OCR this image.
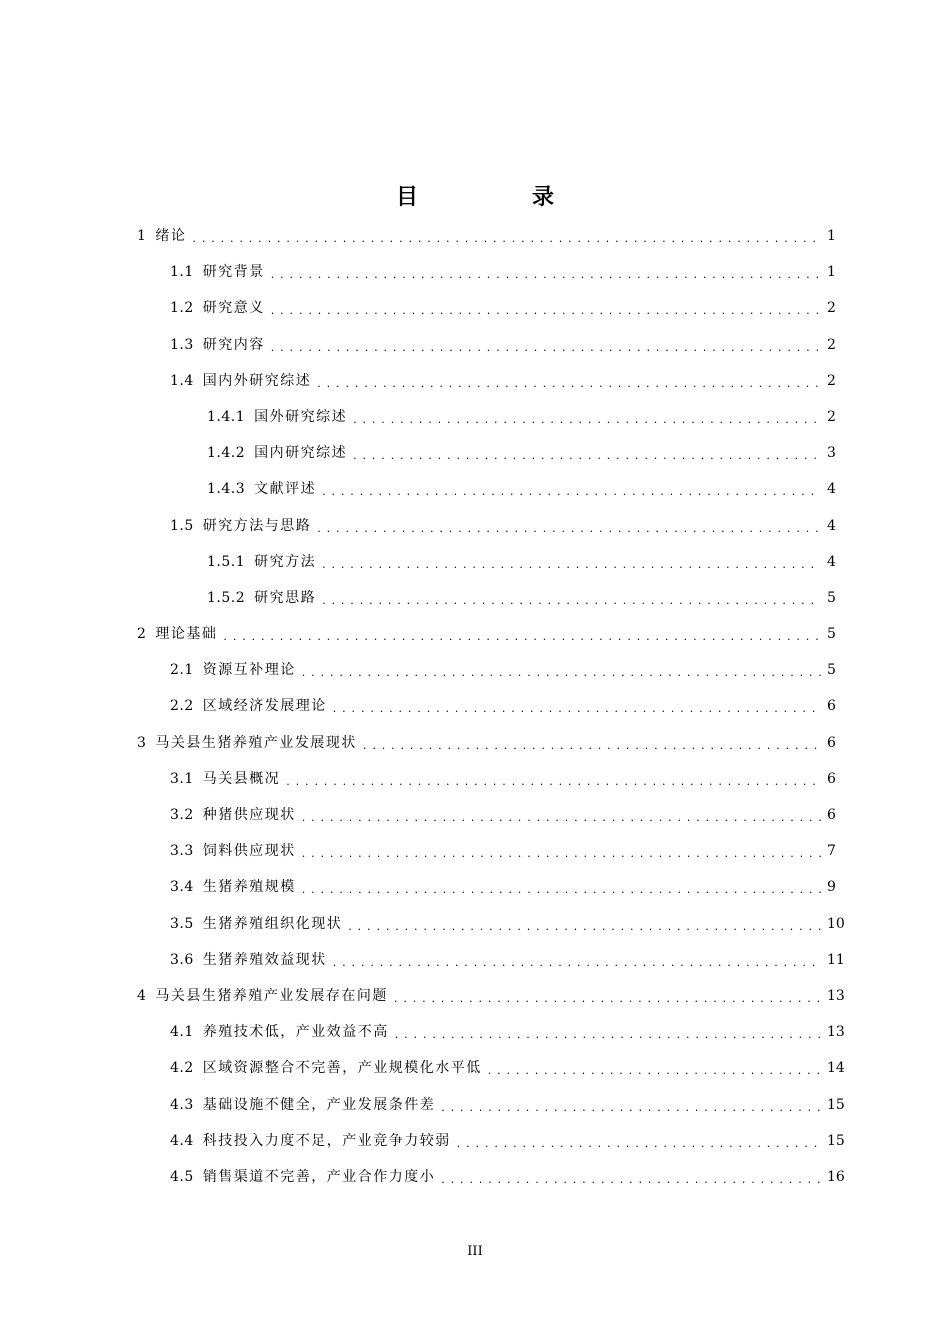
目　录
1 绪论 . . .	1
1.1 研究背景 . . .	1
1.2 研究意义 . . .	2
1.3 研究内容 . . .	2
1.4 国内外研究综述 . . .	2
1.4.1 国外研究综述 . . .	2
1.4.2 国内研究综述 . . .	3
1.4.3 文献评述 . . .	4
1.5 研究方法与思路 . . .	4
1.5.1 研究方法 . . .	4
1.5.2 研究思路 . . .	5
2 理论基础 . . .	5
2.1 资源互补理论 . . .	5
2.2 区域经济发展理论 . . .	6
3 马关县生猪养殖产业发展现状 . . .	6
3.1 马关县概况 . . .	6
3.2 种猪供应现状 . . .	6
3.3 饲料供应现状 . . .	7
3.4 生猪养殖规模 . . .	9
3.5 生猪养殖组织化现状 . . .	10
3.6 生猪养殖效益现状 . . .	11
4 马关县生猪养殖产业发展存在问题 . . .	13
4.1 养殖技术低，产业效益不高 . . .	13
4.2 区域资源整合不完善，产业规模化水平低 . . .	14
4.3 基础设施不健全，产业发展条件差 . . .	15
4.4 科技投入力度不足，产业竞争力较弱 . . .	15
4.5 销售渠道不完善，产业合作力度小 . . .	16

III
